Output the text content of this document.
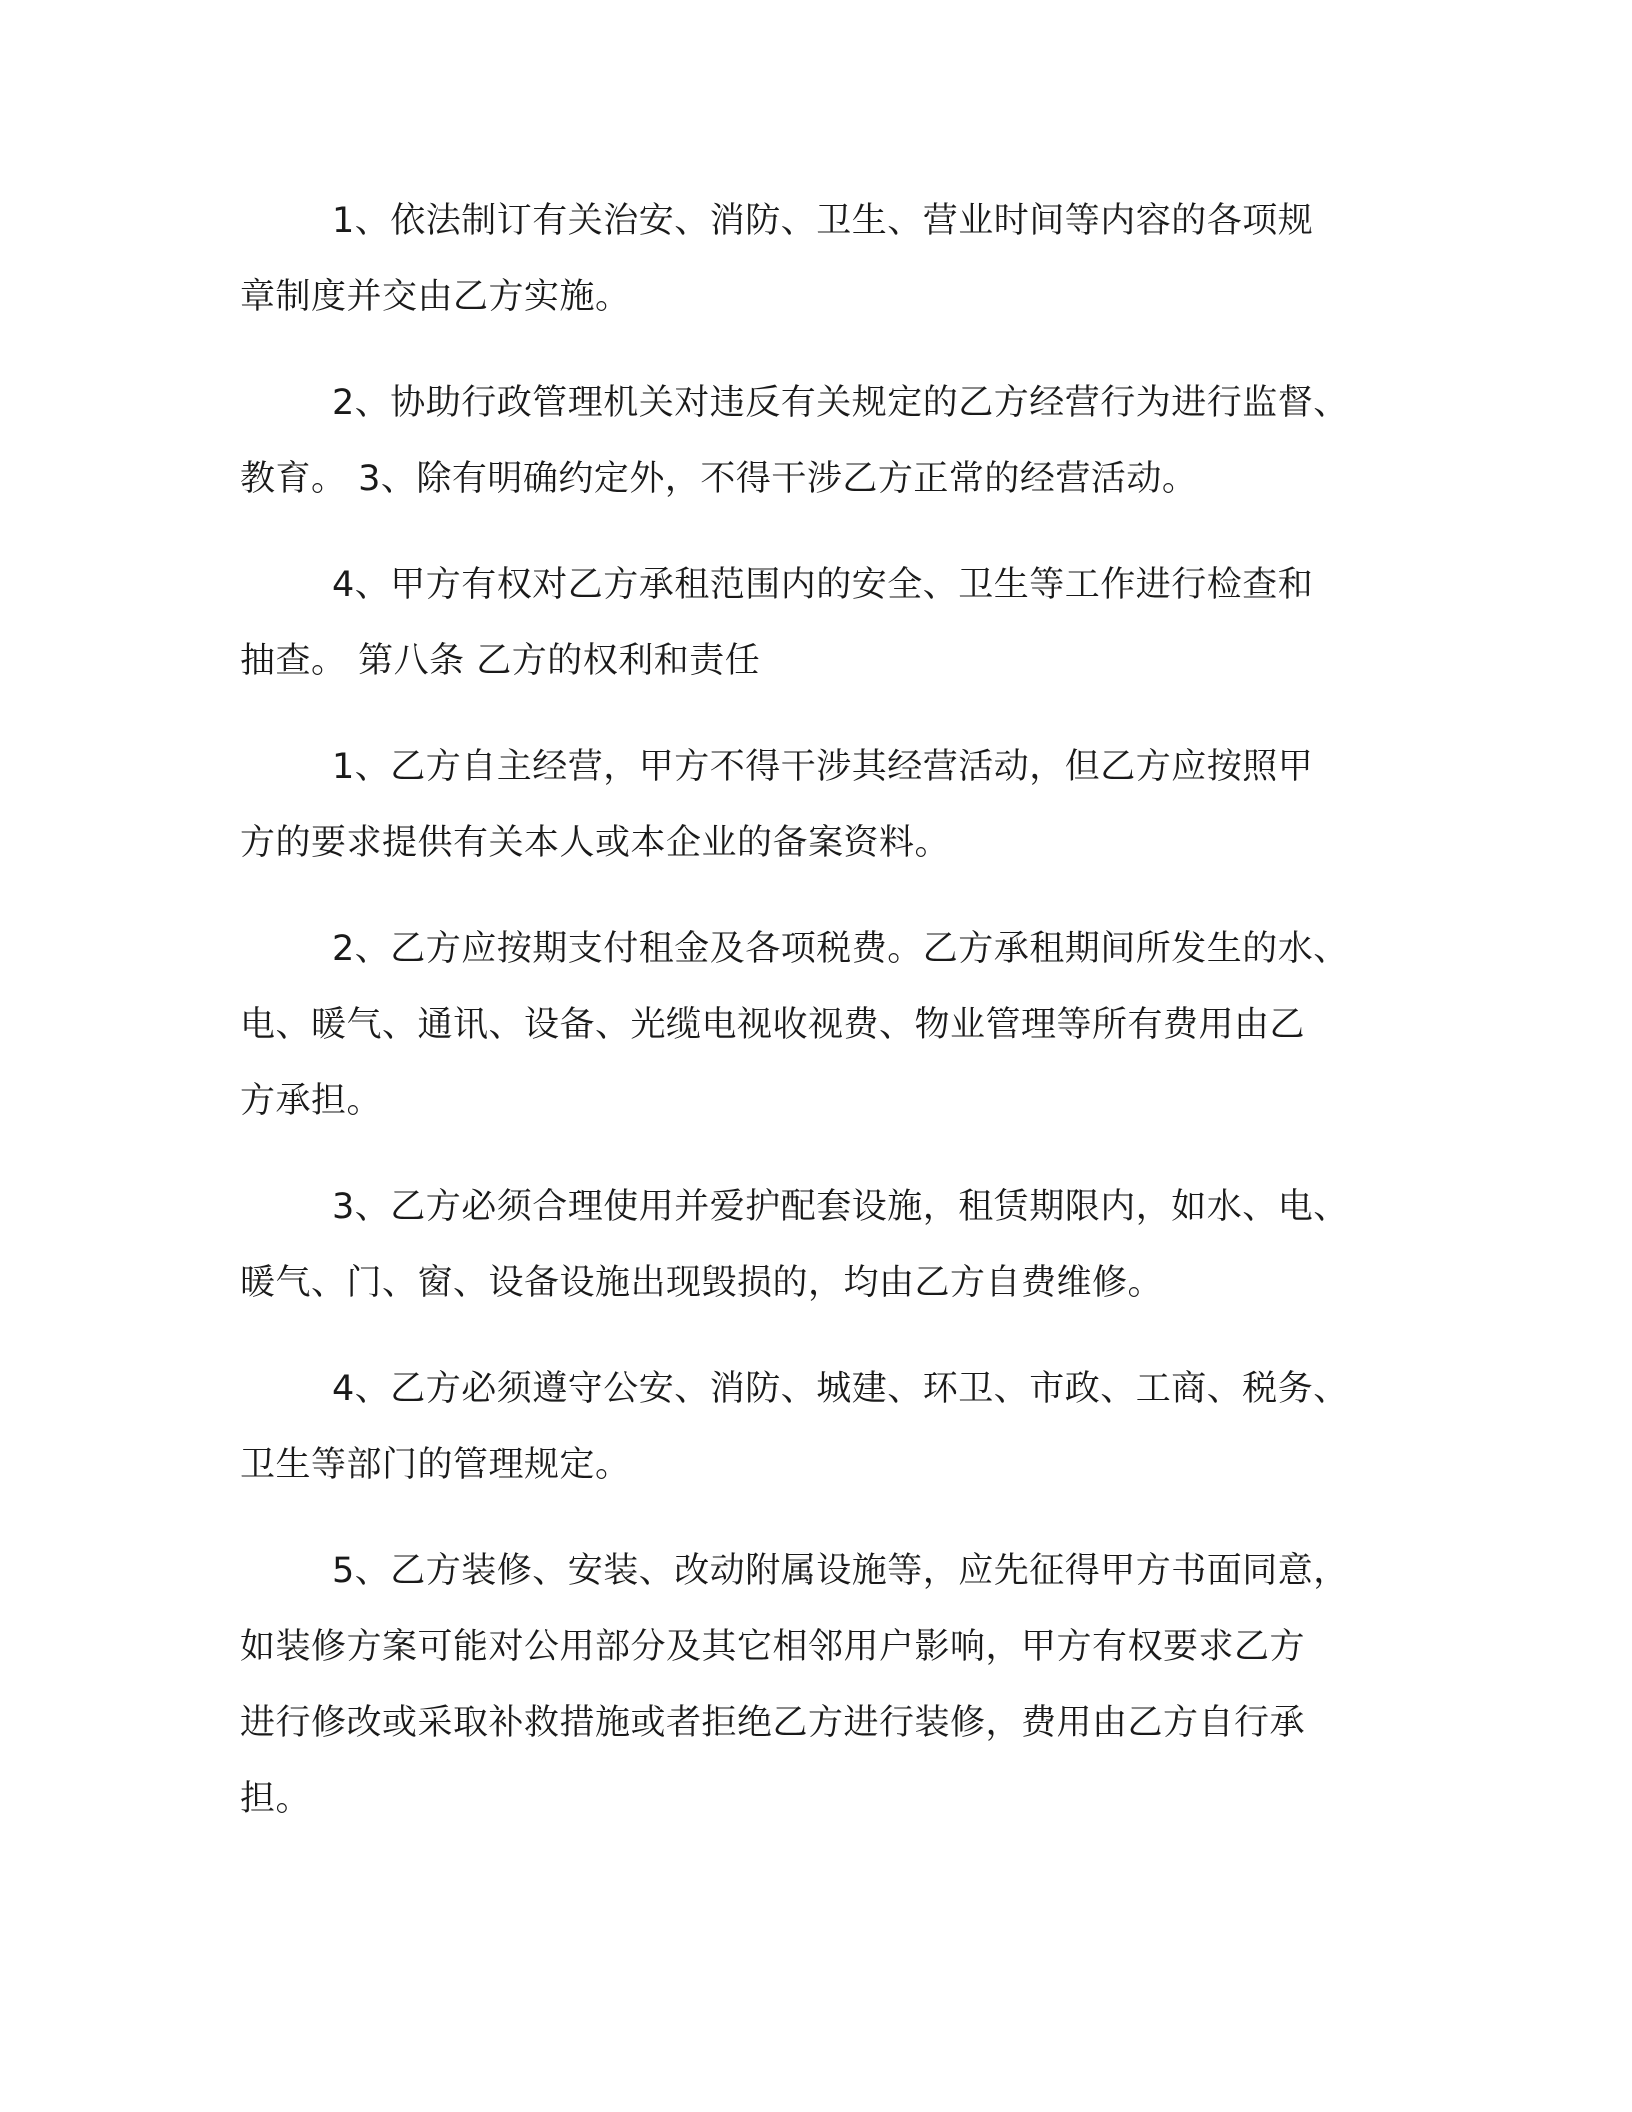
1、依法制订有关治安、消防、卫生、营业时间等内容的各项规
章制度并交由乙方实施。

2、协助行政管理机关对违反有关规定的乙方经营行为进行监督、
教育。 3、除有明确约定外，不得干涉乙方正常的经营活动。

4、甲方有权对乙方承租范围内的安全、卫生等工作进行检查和
抽查。 第八条 乙方的权利和责任

1、乙方自主经营，甲方不得干涉其经营活动，但乙方应按照甲
方的要求提供有关本人或本企业的备案资料。

2、乙方应按期支付租金及各项税费。乙方承租期间所发生的水、
电、暖气、通讯、设备、光缆电视收视费、物业管理等所有费用由乙
方承担。

3、乙方必须合理使用并爱护配套设施，租赁期限内，如水、电、
暖气、门、窗、设备设施出现毁损的，均由乙方自费维修。

4、乙方必须遵守公安、消防、城建、环卫、市政、工商、税务、
卫生等部门的管理规定。

5、乙方装修、安装、改动附属设施等，应先征得甲方书面同意，
如装修方案可能对公用部分及其它相邻用户影响，甲方有权要求乙方
进行修改或采取补救措施或者拒绝乙方进行装修，费用由乙方自行承
担。
